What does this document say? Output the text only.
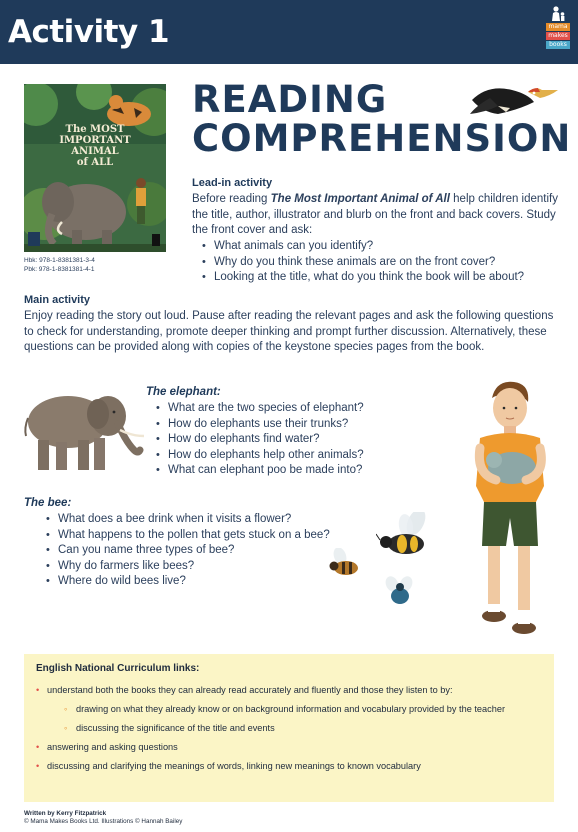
Activity 1	mama
makes
books
The MOST
IMPORTANT
ANIMAL
of ALL
Hbk: 978-1-8381381-3-4
Pbk: 978-1-8381381-4-1
READING
COMPREHENSION
Lead-in activity
Before reading The Most Important Animal of All help children identify the title, author, illustrator and blurb on the front and back covers. Study the front cover and ask:
• What animals can you identify?
• Why do you think these animals are on the front cover?
• Looking at the title, what do you think the book will be about?
Main activity
Enjoy reading the story out loud. Pause after reading the relevant pages and ask the following questions to check for understanding, promote deeper thinking and prompt further discussion. Alternatively, these questions can be provided along with copies of the keystone species pages from the book.
The elephant:
• What are the two species of elephant?
• How do elephants use their trunks?
• How do elephants find water?
• How do elephants help other animals?
• What can elephant poo be made into?
The bee:
• What does a bee drink when it visits a flower?
• What happens to the pollen that gets stuck on a bee?
• Can you name three types of bee?
• Why do farmers like bees?
• Where do wild bees live?
English National Curriculum links:
• understand both the books they can already read accurately and fluently and those they listen to by:
◦ drawing on what they already know or on background information and vocabulary provided by the teacher
◦ discussing the significance of the title and events
• answering and asking questions
• discussing and clarifying the meanings of words, linking new meanings to known vocabulary
Written by Kerry Fitzpatrick
© Mama Makes Books Ltd. Illustrations © Hannah Bailey
